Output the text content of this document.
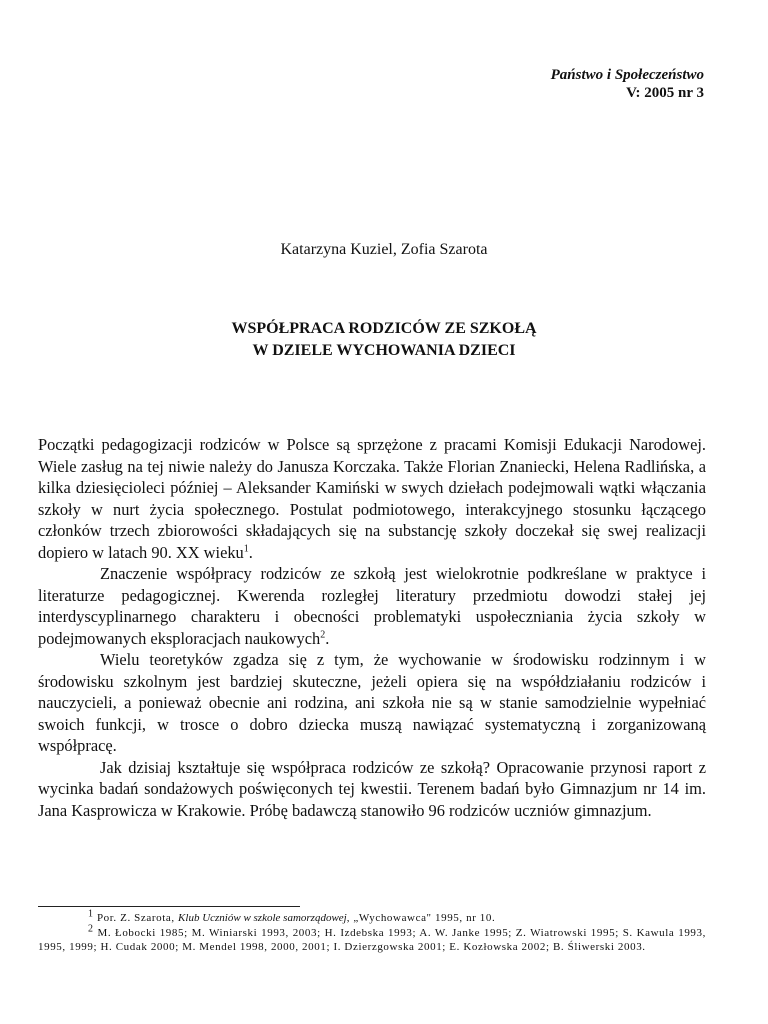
Państwo i Społeczeństwo
V: 2005 nr 3
Katarzyna Kuziel, Zofia Szarota
WSPÓŁPRACA RODZICÓW ZE SZKOŁĄ
W DZIELE WYCHOWANIA DZIECI

Początki pedagogizacji rodziców w Polsce są sprzężone z pracami Komisji Edukacji Narodowej. Wiele zasług na tej niwie należy do Janusza Korczaka. Także Florian Znaniecki, Helena Radlińska, a kilka dziesięcioleci później – Aleksander Kamiński w swych dziełach podejmowali wątki włączania szkoły w nurt życia społecznego. Postulat podmiotowego, interakcyjnego stosunku łączącego członków trzech zbiorowości składających się na substancję szkoły doczekał się swej realizacji dopiero w latach 90. XX wieku$^1$.

Znaczenie współpracy rodziców ze szkołą jest wielokrotnie podkreślane w praktyce i literaturze pedagogicznej. Kwerenda rozległej literatury przedmiotu dowodzi stałej jej interdyscyplinarnego charakteru i obecności problematyki uspołeczniania życia szkoły w podejmowanych eksploracjach naukowych$^2$.

Wielu teoretyków zgadza się z tym, że wychowanie w środowisku rodzinnym i w środowisku szkolnym jest bardziej skuteczne, jeżeli opiera się na współdziałaniu rodziców i nauczycieli, a ponieważ obecnie ani rodzina, ani szkoła nie są w stanie samodzielnie wypełniać swoich funkcji, w trosce o dobro dziecka muszą nawiązać systematyczną i zorganizowaną współpracę.

Jak dzisiaj kształtuje się współpraca rodziców ze szkołą? Opracowanie przynosi raport z wycinka badań sondażowych poświęconych tej kwestii. Terenem badań było Gimnazjum nr 14 im. Jana Kasprowicza w Krakowie. Próbę badawczą stanowiło 96 rodziców uczniów gimnazjum.

$^1$ Por. Z. Szarota, Klub Uczniów w szkole samorządowej, „Wychowawca" 1995, nr 10.

$^2$ M. Łobocki 1985; M. Winiarski 1993, 2003; H. Izdebska 1993; A. W. Janke 1995; Z. Wiatrowski 1995; S. Kawula 1993, 1995, 1999; H. Cudak 2000; M. Mendel 1998, 2000, 2001; I. Dzierzgowska 2001; E. Kozłowska 2002; B. Śliwerski 2003.
